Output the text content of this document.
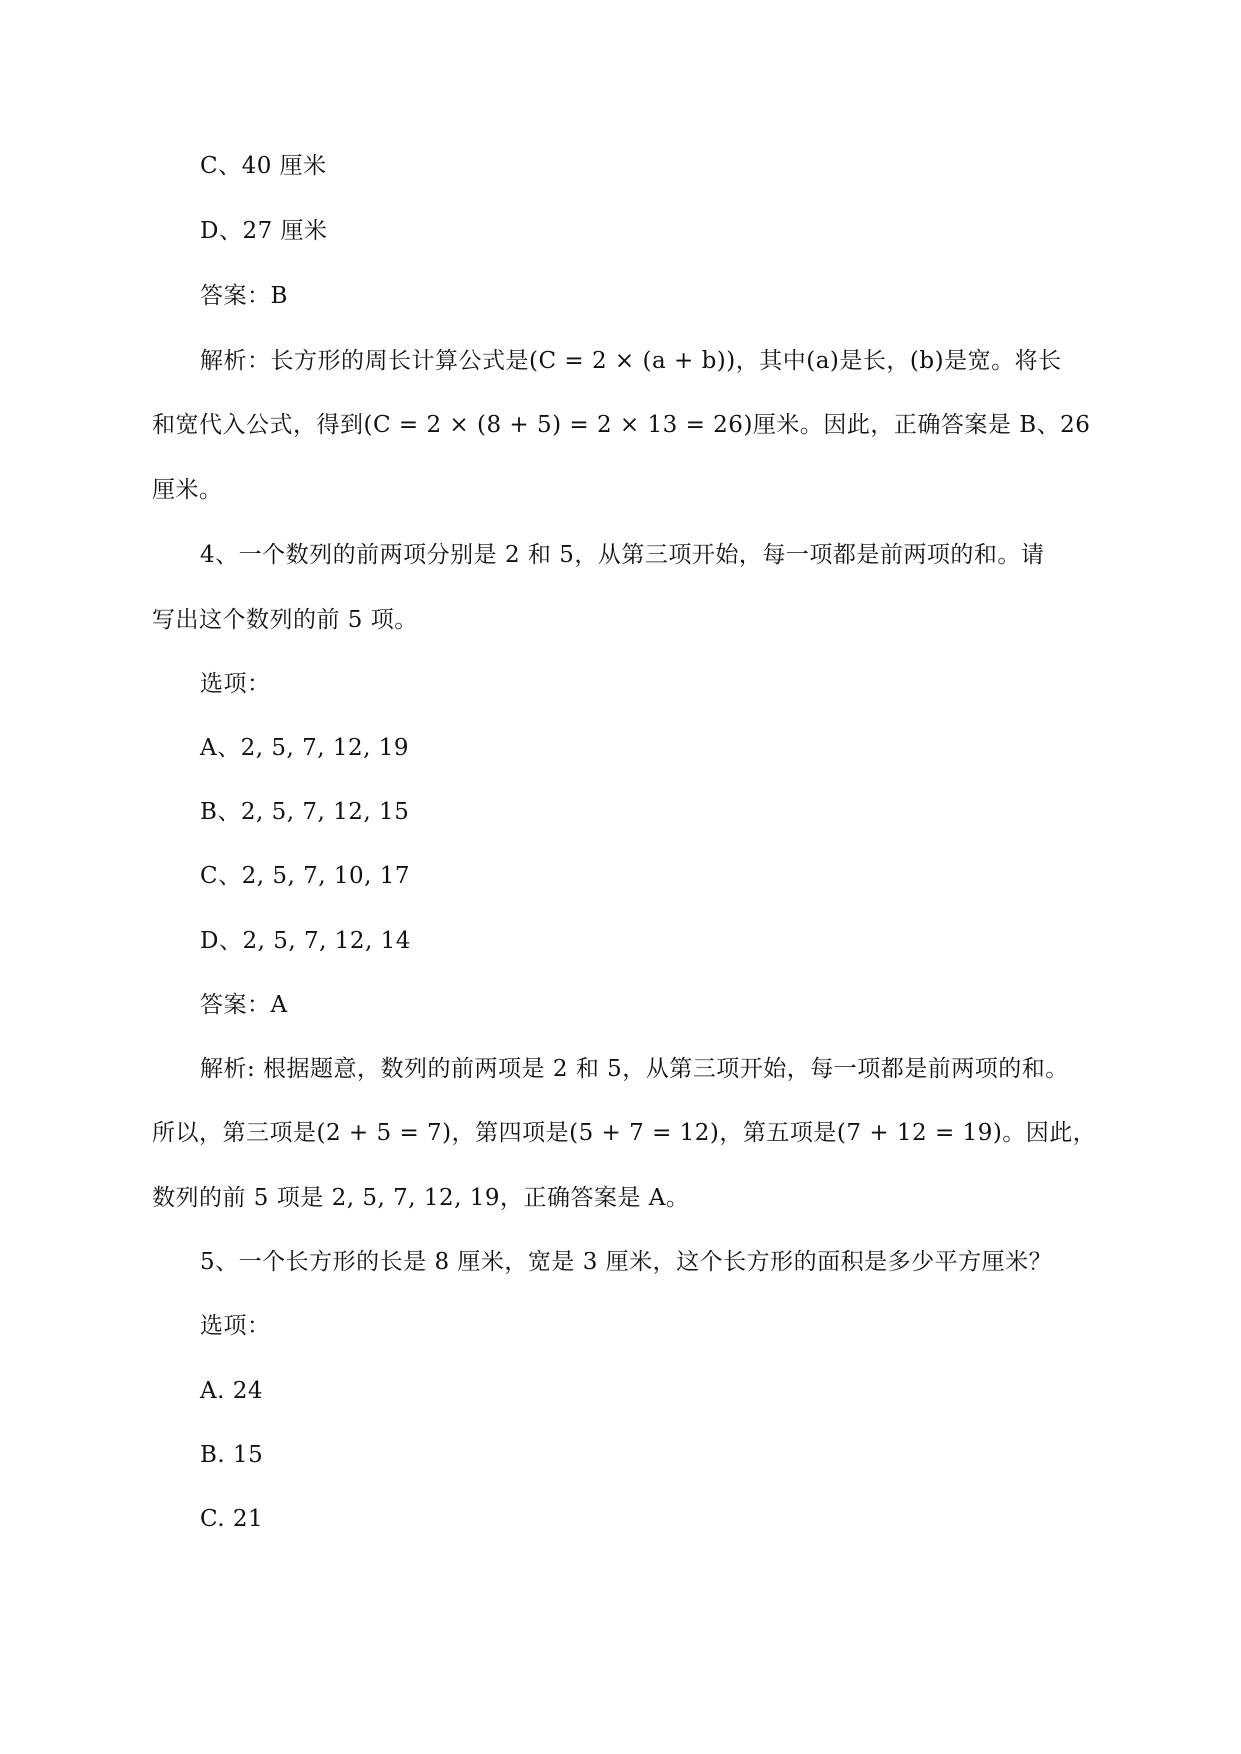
C、40 厘米
D、27 厘米
答案：B
解析：长方形的周长计算公式是(C = 2 × (a + b))，其中(a)是长，(b)是宽。将长
和宽代入公式，得到(C = 2 × (8 + 5) = 2 × 13 = 26)厘米。因此，正确答案是 B、26
厘米。
4、一个数列的前两项分别是 2 和 5，从第三项开始，每一项都是前两项的和。请
写出这个数列的前 5 项。
选项：
A、2, 5, 7, 12, 19
B、2, 5, 7, 12, 15
C、2, 5, 7, 10, 17
D、2, 5, 7, 12, 14
答案：A
解析: 根据题意，数列的前两项是 2 和 5，从第三项开始，每一项都是前两项的和。
所以，第三项是(2 + 5 = 7)，第四项是(5 + 7 = 12)，第五项是(7 + 12 = 19)。因此，
数列的前 5 项是 2, 5, 7, 12, 19，正确答案是 A。
5、一个长方形的长是 8 厘米，宽是 3 厘米，这个长方形的面积是多少平方厘米？
选项：
A. 24
B. 15
C. 21
